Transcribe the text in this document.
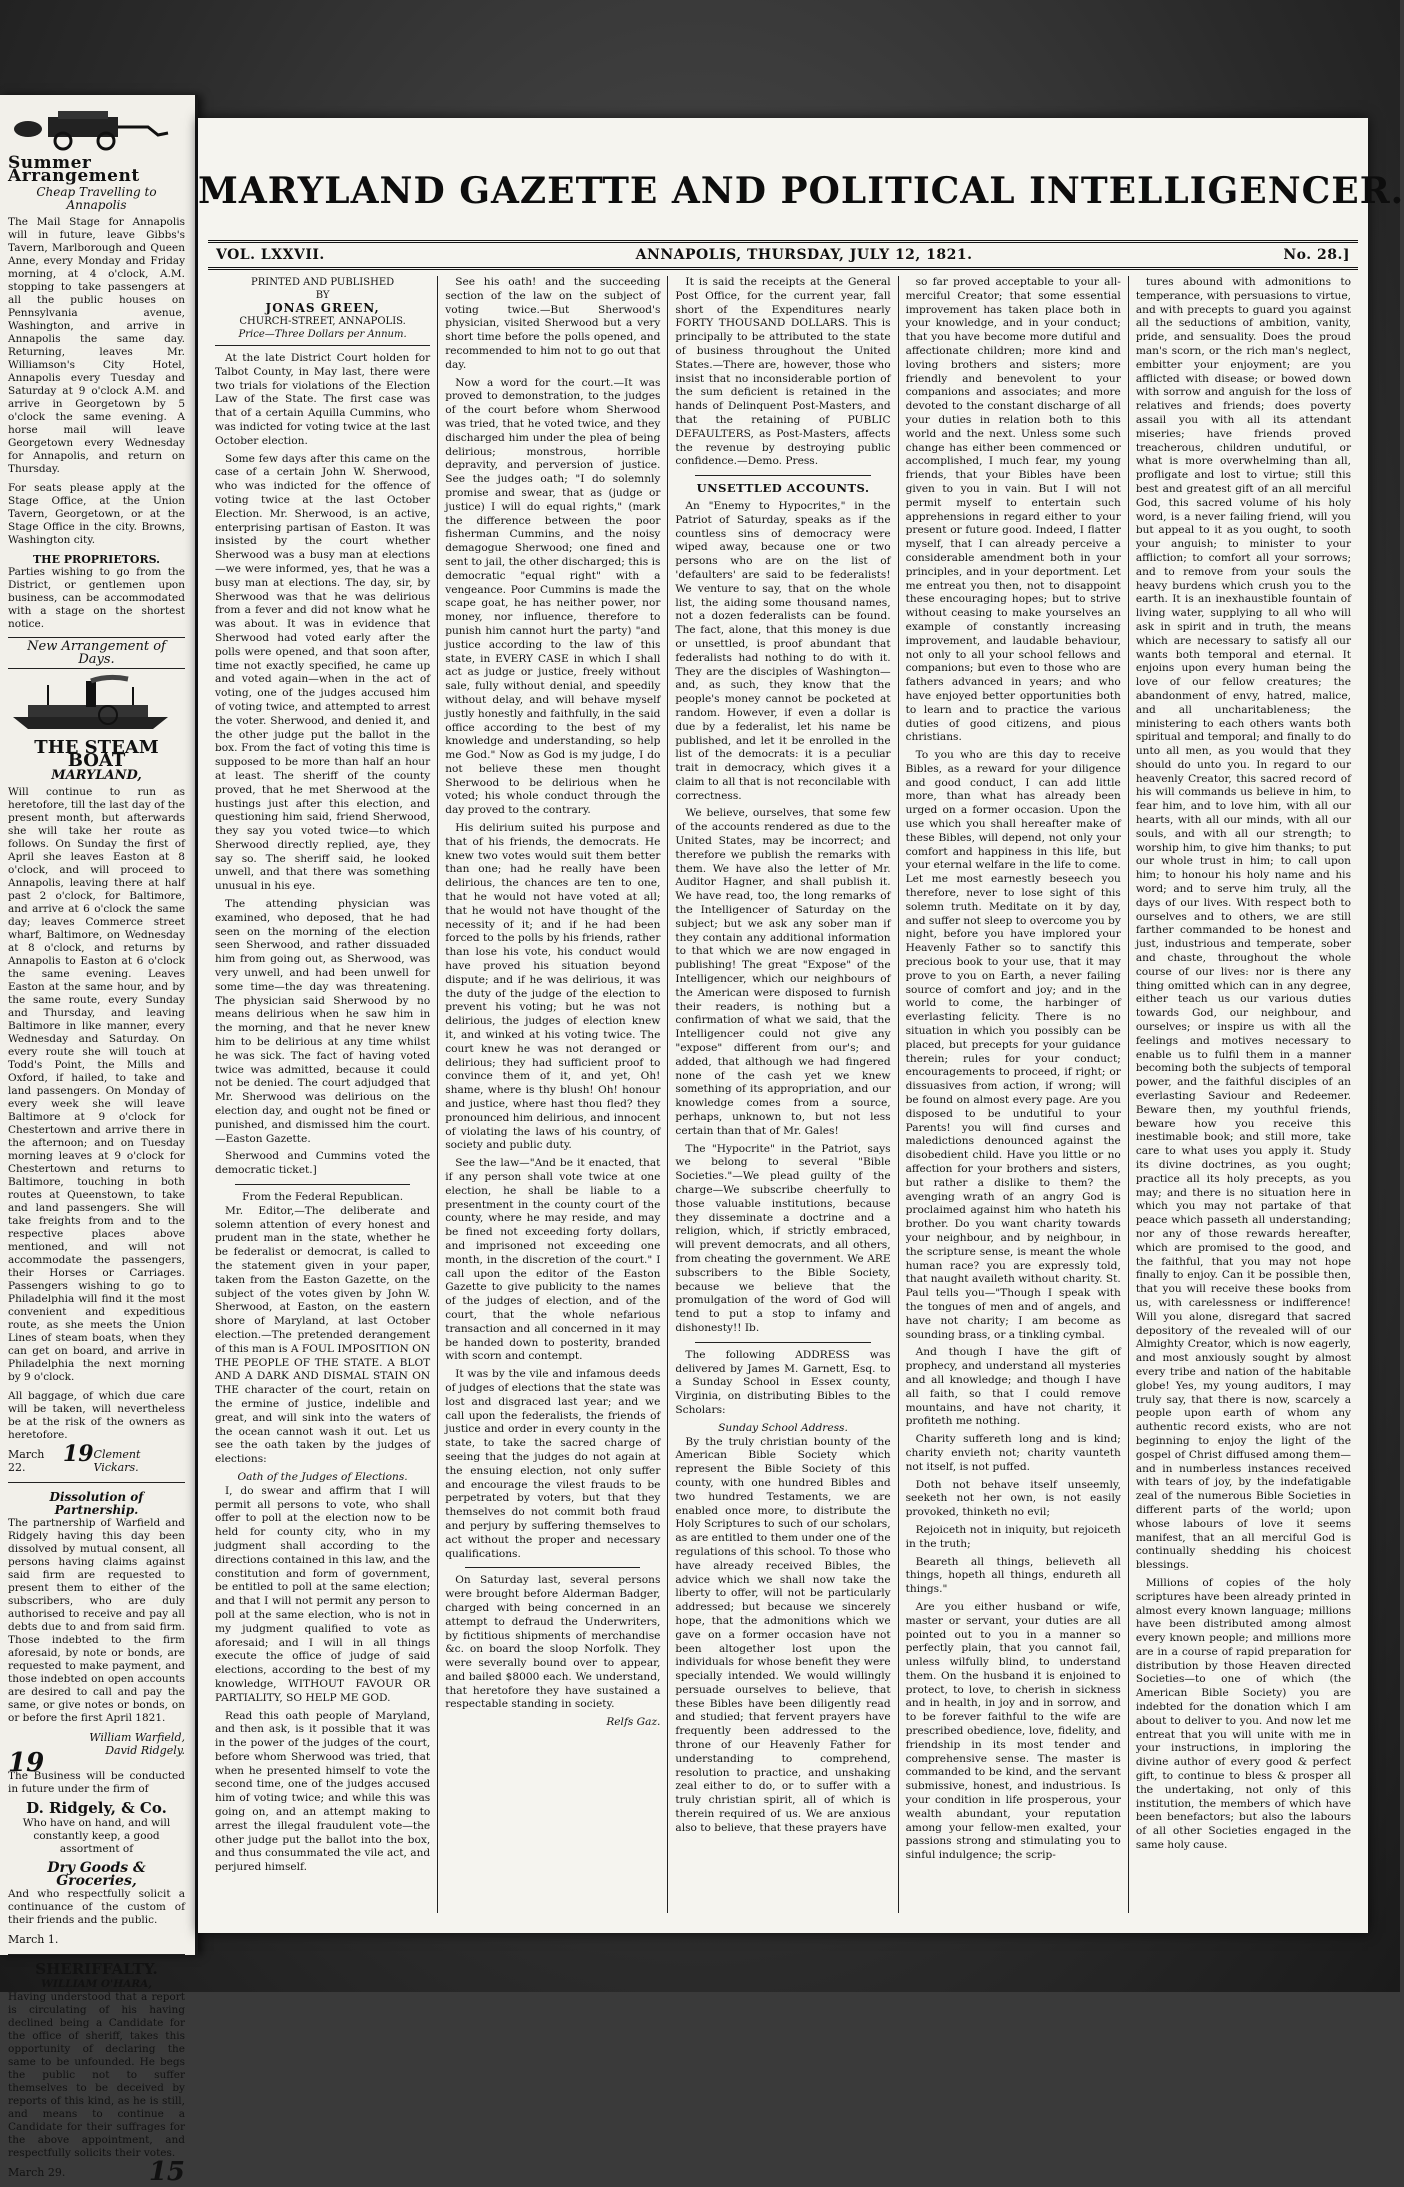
Summer Arrangement
Cheap Travelling to Annapolis

The Mail Stage for Annapolis will in future, leave Gibbs's Tavern, Marlborough and Queen Anne, every Monday and Friday morning, at 4 o'clock, A.M. stopping to take passengers at all the public houses on Pennsylvania avenue, Washington, and arrive in Annapolis the same day. Returning, leaves Mr. Williamson's City Hotel, Annapolis every Tuesday and Saturday at 9 o'clock A.M. and arrive in Georgetown by 5 o'clock the same evening. A horse mail will leave Georgetown every Wednesday for Annapolis, and return on Thursday.

For seats please apply at the Stage Office, at the Union Tavern, Georgetown, or at the Stage Office in the city. Browns, Washington city.

THE PROPRIETORS.

Parties wishing to go from the District, or gentlemen upon business, can be accommodated with a stage on the shortest notice.

New Arrangement of Days.
THE STEAM BOAT
MARYLAND,

Will continue to run as heretofore, till the last day of the present month, but afterwards she will take her route as follows. On Sunday the first of April she leaves Easton at 8 o'clock, and will proceed to Annapolis, leaving there at half past 2 o'clock, for Baltimore, and arrive at 6 o'clock the same day; leaves Commerce street wharf, Baltimore, on Wednesday at 8 o'clock, and returns by Annapolis to Easton at 6 o'clock the same evening. Leaves Easton at the same hour, and by the same route, every Sunday and Thursday, and leaving Baltimore in like manner, every Wednesday and Saturday. On every route she will touch at Todd's Point, the Mills and Oxford, if hailed, to take and land passengers. On Monday of every week she will leave Baltimore at 9 o'clock for Chestertown and arrive there in the afternoon; and on Tuesday morning leaves at 9 o'clock for Chestertown and returns to Baltimore, touching in both routes at Queenstown, to take and land passengers. She will take freights from and to the respective places above mentioned, and will not accommodate the passengers, their Horses or Carriages. Passengers wishing to go to Philadelphia will find it the most convenient and expeditious route, as she meets the Union Lines of steam boats, when they can get on board, and arrive in Philadelphia the next morning by 9 o'clock.

All baggage, of which due care will be taken, will nevertheless be at the risk of the owners as heretofore.

March 22.
19 Clement Vickars.
Dissolution of Partnership.

The partnership of Warfield and Ridgely having this day been dissolved by mutual consent, all persons having claims against said firm are requested to present them to either of the subscribers, who are duly authorised to receive and pay all debts due to and from said firm. Those indebted to the firm aforesaid, by note or bonds, are requested to make payment, and those indebted on open accounts are desired to call and pay the same, or give notes or bonds, on or before the first April 1821.

William Warfield,
David Ridgely.
19

The Business will be conducted in future under the firm of

D. Ridgely, & Co.

Who have on hand, and will constantly keep, a good assortment of

Dry Goods & Groceries,

And who respectfully solicit a continuance of the custom of their friends and the public.

March 1.
SHERIFFALTY.
WILLIAM O'HARA,

Having understood that a report is circulating of his having declined being a Candidate for the office of sheriff, takes this opportunity of declaring the same to be unfounded. He begs the public not to suffer themselves to be deceived by reports of this kind, as he is still, and means to continue a Candidate for their suffrages for the above appointment, and respectfully solicits their votes.

March 29.	15
MARYLAND GAZETTE AND POLITICAL INTELLIGENCER.
VOL. LXXVII.	ANNAPOLIS, THURSDAY, JULY 12, 1821.	No. 28.]
PRINTED AND PUBLISHED
BY
JONAS GREEN,
CHURCH-STREET, ANNAPOLIS.
Price—Three Dollars per Annum.

At the late District Court holden for Talbot County, in May last, there were two trials for violations of the Election Law of the State. The first case was that of a certain Aquilla Cummins, who was indicted for voting twice at the last October election.

Some few days after this came on the case of a certain John W. Sherwood, who was indicted for the offence of voting twice at the last October Election. Mr. Sherwood, is an active, enterprising partisan of Easton. It was insisted by the court whether Sherwood was a busy man at elections—we were informed, yes, that he was a busy man at elections. The day, sir, by Sherwood was that he was delirious from a fever and did not know what he was about. It was in evidence that Sherwood had voted early after the polls were opened, and that soon after, time not exactly specified, he came up and voted again—when in the act of voting, one of the judges accused him of voting twice, and attempted to arrest the voter. Sherwood, and denied it, and the other judge put the ballot in the box. From the fact of voting this time is supposed to be more than half an hour at least. The sheriff of the county proved, that he met Sherwood at the hustings just after this election, and questioning him said, friend Sherwood, they say you voted twice—to which Sherwood directly replied, aye, they say so. The sheriff said, he looked unwell, and that there was something unusual in his eye.

The attending physician was examined, who deposed, that he had seen on the morning of the election seen Sherwood, and rather dissuaded him from going out, as Sherwood, was very unwell, and had been unwell for some time—the day was threatening. The physician said Sherwood by no means delirious when he saw him in the morning, and that he never knew him to be delirious at any time whilst he was sick. The fact of having voted twice was admitted, because it could not be denied. The court adjudged that Mr. Sherwood was delirious on the election day, and ought not be fined or punished, and dismissed him the court.—Easton Gazette.

Sherwood and Cummins voted the democratic ticket.]

From the Federal Republican.

Mr. Editor,—The deliberate and solemn attention of every honest and prudent man in the state, whether he be federalist or democrat, is called to the statement given in your paper, taken from the Easton Gazette, on the subject of the votes given by John W. Sherwood, at Easton, on the eastern shore of Maryland, at last October election.—The pretended derangement of this man is A FOUL IMPOSITION ON THE PEOPLE OF THE STATE. A BLOT AND A DARK AND DISMAL STAIN ON THE character of the court, retain on the ermine of justice, indelible and great, and will sink into the waters of the ocean cannot wash it out. Let us see the oath taken by the judges of elections:

Oath of the Judges of Elections.

I, do swear and affirm that I will permit all persons to vote, who shall offer to poll at the election now to be held for county city, who in my judgment shall according to the directions contained in this law, and the constitution and form of government, be entitled to poll at the same election; and that I will not permit any person to poll at the same election, who is not in my judgment qualified to vote as aforesaid; and I will in all things execute the office of judge of said elections, according to the best of my knowledge, WITHOUT FAVOUR OR PARTIALITY, SO HELP ME GOD.

Read this oath people of Maryland, and then ask, is it possible that it was in the power of the judges of the court, before whom Sherwood was tried, that when he presented himself to vote the second time, one of the judges accused him of voting twice; and while this was going on, and an attempt making to arrest the illegal fraudulent vote—the other judge put the ballot into the box, and thus consummated the vile act, and perjured himself.

See his oath! and the succeeding section of the law on the subject of voting twice.—But Sherwood's physician, visited Sherwood but a very short time before the polls opened, and recommended to him not to go out that day.

Now a word for the court.—It was proved to demonstration, to the judges of the court before whom Sherwood was tried, that he voted twice, and they discharged him under the plea of being delirious; monstrous, horrible depravity, and perversion of justice. See the judges oath; "I do solemnly promise and swear, that as (judge or justice) I will do equal rights," (mark the difference between the poor fisherman Cummins, and the noisy demagogue Sherwood; one fined and sent to jail, the other discharged; this is democratic "equal right" with a vengeance. Poor Cummins is made the scape goat, he has neither power, nor money, nor influence, therefore to punish him cannot hurt the party) "and justice according to the law of this state, in EVERY CASE in which I shall act as judge or justice, freely without sale, fully without denial, and speedily without delay, and will behave myself justly honestly and faithfully, in the said office according to the best of my knowledge and understanding, so help me God." Now as God is my judge, I do not believe these men thought Sherwood to be delirious when he voted; his whole conduct through the day proved to the contrary.

His delirium suited his purpose and that of his friends, the democrats. He knew two votes would suit them better than one; had he really have been delirious, the chances are ten to one, that he would not have voted at all; that he would not have thought of the necessity of it; and if he had been forced to the polls by his friends, rather than lose his vote, his conduct would have proved his situation beyond dispute; and if he was delirious, it was the duty of the judge of the election to prevent his voting; but he was not delirious, the judges of election knew it, and winked at his voting twice. The court knew he was not deranged or delirious; they had sufficient proof to convince them of it, and yet, Oh! shame, where is thy blush! Oh! honour and justice, where hast thou fled? they pronounced him delirious, and innocent of violating the laws of his country, of society and public duty.

See the law—"And be it enacted, that if any person shall vote twice at one election, he shall be liable to a presentment in the county court of the county, where he may reside, and may be fined not exceeding forty dollars, and imprisoned not exceeding one month, in the discretion of the court." I call upon the editor of the Easton Gazette to give publicity to the names of the judges of election, and of the court, that the whole nefarious transaction and all concerned in it may be handed down to posterity, branded with scorn and contempt.

It was by the vile and infamous deeds of judges of elections that the state was lost and disgraced last year; and we call upon the federalists, the friends of justice and order in every county in the state, to take the sacred charge of seeing that the judges do not again at the ensuing election, not only suffer and encourage the vilest frauds to be perpetrated by voters, but that they themselves do not commit both fraud and perjury by suffering themselves to act without the proper and necessary qualifications.

On Saturday last, several persons were brought before Alderman Badger, charged with being concerned in an attempt to defraud the Underwriters, by fictitious shipments of merchandise &c. on board the sloop Norfolk. They were severally bound over to appear, and bailed $8000 each. We understand, that heretofore they have sustained a respectable standing in society.

Relfs Gaz.

It is said the receipts at the General Post Office, for the current year, fall short of the Expenditures nearly FORTY THOUSAND DOLLARS. This is principally to be attributed to the state of business throughout the United States.—There are, however, those who insist that no inconsiderable portion of the sum deficient is retained in the hands of Delinquent Post-Masters, and that the retaining of PUBLIC DEFAULTERS, as Post-Masters, affects the revenue by destroying public confidence.—Demo. Press.

UNSETTLED ACCOUNTS.

An "Enemy to Hypocrites," in the Patriot of Saturday, speaks as if the countless sins of democracy were wiped away, because one or two persons who are on the list of 'defaulters' are said to be federalists! We venture to say, that on the whole list, the aiding some thousand names, not a dozen federalists can be found. The fact, alone, that this money is due or unsettled, is proof abundant that federalists had nothing to do with it. They are the disciples of Washington—and, as such, they know that the people's money cannot be pocketed at random. However, if even a dollar is due by a federalist, let his name be published, and let it be enrolled in the list of the democrats: it is a peculiar trait in democracy, which gives it a claim to all that is not reconcilable with correctness.

We believe, ourselves, that some few of the accounts rendered as due to the United States, may be incorrect; and therefore we publish the remarks with them. We have also the letter of Mr. Auditor Hagner, and shall publish it. We have read, too, the long remarks of the Intelligencer of Saturday on the subject; but we ask any sober man if they contain any additional information to that which we are now engaged in publishing! The great "Expose" of the Intelligencer, which our neighbours of the American were disposed to furnish their readers, is nothing but a confirmation of what we said, that the Intelligencer could not give any "expose" different from our's; and added, that although we had fingered none of the cash yet we knew something of its appropriation, and our knowledge comes from a source, perhaps, unknown to, but not less certain than that of Mr. Gales!

The "Hypocrite" in the Patriot, says we belong to several "Bible Societies."—We plead guilty of the charge—We subscribe cheerfully to those valuable institutions, because they disseminate a doctrine and a religion, which, if strictly embraced, will prevent democrats, and all others, from cheating the government. We ARE subscribers to the Bible Society, because we believe that the promulgation of the word of God will tend to put a stop to infamy and dishonesty!! Ib.

The following ADDRESS was delivered by James M. Garnett, Esq. to a Sunday School in Essex county, Virginia, on distributing Bibles to the Scholars:

Sunday School Address.

By the truly christian bounty of the American Bible Society which represent the Bible Society of this county, with one hundred Bibles and two hundred Testaments, we are enabled once more, to distribute the Holy Scriptures to such of our scholars, as are entitled to them under one of the regulations of this school. To those who have already received Bibles, the advice which we shall now take the liberty to offer, will not be particularly addressed; but because we sincerely hope, that the admonitions which we gave on a former occasion have not been altogether lost upon the individuals for whose benefit they were specially intended. We would willingly persuade ourselves to believe, that these Bibles have been diligently read and studied; that fervent prayers have frequently been addressed to the throne of our Heavenly Father for understanding to comprehend, resolution to practice, and unshaking zeal either to do, or to suffer with a truly christian spirit, all of which is therein required of us. We are anxious also to believe, that these prayers have

so far proved acceptable to your all-merciful Creator; that some essential improvement has taken place both in your knowledge, and in your conduct; that you have become more dutiful and affectionate children; more kind and loving brothers and sisters; more friendly and benevolent to your companions and associates; and more devoted to the constant discharge of all your duties in relation both to this world and the next. Unless some such change has either been commenced or accomplished, I much fear, my young friends, that your Bibles have been given to you in vain. But I will not permit myself to entertain such apprehensions in regard either to your present or future good. Indeed, I flatter myself, that I can already perceive a considerable amendment both in your principles, and in your deportment. Let me entreat you then, not to disappoint these encouraging hopes; but to strive without ceasing to make yourselves an example of constantly increasing improvement, and laudable behaviour, not only to all your school fellows and companions; but even to those who are fathers advanced in years; and who have enjoyed better opportunities both to learn and to practice the various duties of good citizens, and pious christians.

To you who are this day to receive Bibles, as a reward for your diligence and good conduct, I can add little more, than what has already been urged on a former occasion. Upon the use which you shall hereafter make of these Bibles, will depend, not only your comfort and happiness in this life, but your eternal welfare in the life to come. Let me most earnestly beseech you therefore, never to lose sight of this solemn truth. Meditate on it by day, and suffer not sleep to overcome you by night, before you have implored your Heavenly Father so to sanctify this precious book to your use, that it may prove to you on Earth, a never failing source of comfort and joy; and in the world to come, the harbinger of everlasting felicity. There is no situation in which you possibly can be placed, but precepts for your guidance therein; rules for your conduct; encouragements to proceed, if right; or dissuasives from action, if wrong; will be found on almost every page. Are you disposed to be undutiful to your Parents! you will find curses and maledictions denounced against the disobedient child. Have you little or no affection for your brothers and sisters, but rather a dislike to them? the avenging wrath of an angry God is proclaimed against him who hateth his brother. Do you want charity towards your neighbour, and by neighbour, in the scripture sense, is meant the whole human race? you are expressly told, that naught availeth without charity. St. Paul tells you—"Though I speak with the tongues of men and of angels, and have not charity; I am become as sounding brass, or a tinkling cymbal.

And though I have the gift of prophecy, and understand all mysteries and all knowledge; and though I have all faith, so that I could remove mountains, and have not charity, it profiteth me nothing.

Charity suffereth long and is kind; charity envieth not; charity vaunteth not itself, is not puffed.

Doth not behave itself unseemly, seeketh not her own, is not easily provoked, thinketh no evil;

Rejoiceth not in iniquity, but rejoiceth in the truth;

Beareth all things, believeth all things, hopeth all things, endureth all things."

Are you either husband or wife, master or servant, your duties are all pointed out to you in a manner so perfectly plain, that you cannot fail, unless wilfully blind, to understand them. On the husband it is enjoined to protect, to love, to cherish in sickness and in health, in joy and in sorrow, and to be forever faithful to the wife are prescribed obedience, love, fidelity, and friendship in its most tender and comprehensive sense. The master is commanded to be kind, and the servant submissive, honest, and industrious. Is your condition in life prosperous, your wealth abundant, your reputation among your fellow-men exalted, your passions strong and stimulating you to sinful indulgence; the scrip-

tures abound with admonitions to temperance, with persuasions to virtue, and with precepts to guard you against all the seductions of ambition, vanity, pride, and sensuality. Does the proud man's scorn, or the rich man's neglect, embitter your enjoyment; are you afflicted with disease; or bowed down with sorrow and anguish for the loss of relatives and friends; does poverty assail you with all its attendant miseries; have friends proved treacherous, children undutiful, or what is more overwhelming than all, profligate and lost to virtue; still this best and greatest gift of an all merciful God, this sacred volume of his holy word, is a never failing friend, will you but appeal to it as you ought, to sooth your anguish; to minister to your affliction; to comfort all your sorrows; and to remove from your souls the heavy burdens which crush you to the earth. It is an inexhaustible fountain of living water, supplying to all who will ask in spirit and in truth, the means which are necessary to satisfy all our wants both temporal and eternal. It enjoins upon every human being the love of our fellow creatures; the abandonment of envy, hatred, malice, and all uncharitableness; the ministering to each others wants both spiritual and temporal; and finally to do unto all men, as you would that they should do unto you. In regard to our heavenly Creator, this sacred record of his will commands us believe in him, to fear him, and to love him, with all our hearts, with all our minds, with all our souls, and with all our strength; to worship him, to give him thanks; to put our whole trust in him; to call upon him; to honour his holy name and his word; and to serve him truly, all the days of our lives. With respect both to ourselves and to others, we are still farther commanded to be honest and just, industrious and temperate, sober and chaste, throughout the whole course of our lives: nor is there any thing omitted which can in any degree, either teach us our various duties towards God, our neighbour, and ourselves; or inspire us with all the feelings and motives necessary to enable us to fulfil them in a manner becoming both the subjects of temporal power, and the faithful disciples of an everlasting Saviour and Redeemer. Beware then, my youthful friends, beware how you receive this inestimable book; and still more, take care to what uses you apply it. Study its divine doctrines, as you ought; practice all its holy precepts, as you may; and there is no situation here in which you may not partake of that peace which passeth all understanding; nor any of those rewards hereafter, which are promised to the good, and the faithful, that you may not hope finally to enjoy. Can it be possible then, that you will receive these books from us, with carelessness or indifference! Will you alone, disregard that sacred depository of the revealed will of our Almighty Creator, which is now eagerly, and most anxiously sought by almost every tribe and nation of the habitable globe! Yes, my young auditors, I may truly say, that there is now, scarcely a people upon earth of whom any authentic record exists, who are not beginning to enjoy the light of the gospel of Christ diffused among them—and in numberless instances received with tears of joy, by the indefatigable zeal of the numerous Bible Societies in different parts of the world; upon whose labours of love it seems manifest, that an all merciful God is continually shedding his choicest blessings.

Millions of copies of the holy scriptures have been already printed in almost every known language; millions have been distributed among almost every known people; and millions more are in a course of rapid preparation for distribution by those Heaven directed Societies—to one of which (the American Bible Society) you are indebted for the donation which I am about to deliver to you. And now let me entreat that you will unite with me in your instructions, in imploring the divine author of every good & perfect gift, to continue to bless & prosper all the undertaking, not only of this institution, the members of which have been benefactors; but also the labours of all other Societies engaged in the same holy cause.
